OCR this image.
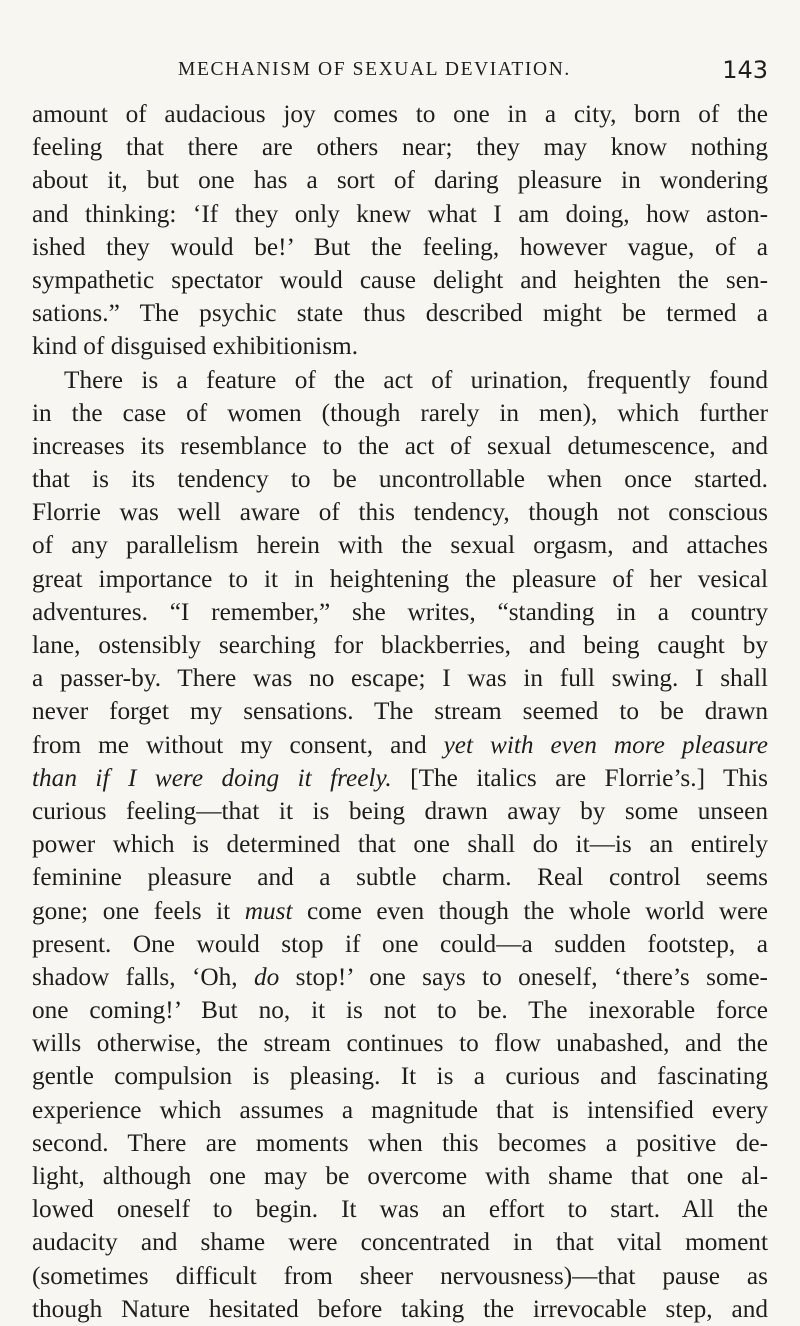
MECHANISM OF SEXUAL DEVIATION.	143
amount of audacious joy comes to one in a city, born of the
feeling that there are others near; they may know nothing
about it, but one has a sort of daring pleasure in wondering
and thinking: ‘If they only knew what I am doing, how aston-
ished they would be!’ But the feeling, however vague, of a
sympathetic spectator would cause delight and heighten the sen-
sations.” The psychic state thus described might be termed a
kind of disguised exhibitionism.
There is a feature of the act of urination, frequently found
in the case of women (though rarely in men), which further
increases its resemblance to the act of sexual detumescence, and
that is its tendency to be uncontrollable when once started.
Florrie was well aware of this tendency, though not conscious
of any parallelism herein with the sexual orgasm, and attaches
great importance to it in heightening the pleasure of her vesical
adventures. “I remember,” she writes, “standing in a country
lane, ostensibly searching for blackberries, and being caught by
a passer-by. There was no escape; I was in full swing. I shall
never forget my sensations. The stream seemed to be drawn
from me without my consent, and yet with even more pleasure
than if I were doing it freely. [The italics are Florrie’s.] This
curious feeling—that it is being drawn away by some unseen
power which is determined that one shall do it—is an entirely
feminine pleasure and a subtle charm. Real control seems
gone; one feels it must come even though the whole world were
present. One would stop if one could—a sudden footstep, a
shadow falls, ‘Oh, do stop!’ one says to oneself, ‘there’s some-
one coming!’ But no, it is not to be. The inexorable force
wills otherwise, the stream continues to flow unabashed, and the
gentle compulsion is pleasing. It is a curious and fascinating
experience which assumes a magnitude that is intensified every
second. There are moments when this becomes a positive de-
light, although one may be overcome with shame that one al-
lowed oneself to begin. It was an effort to start. All the
audacity and shame were concentrated in that vital moment
(sometimes difficult from sheer nervousness)—that pause as
though Nature hesitated before taking the irrevocable step, and
